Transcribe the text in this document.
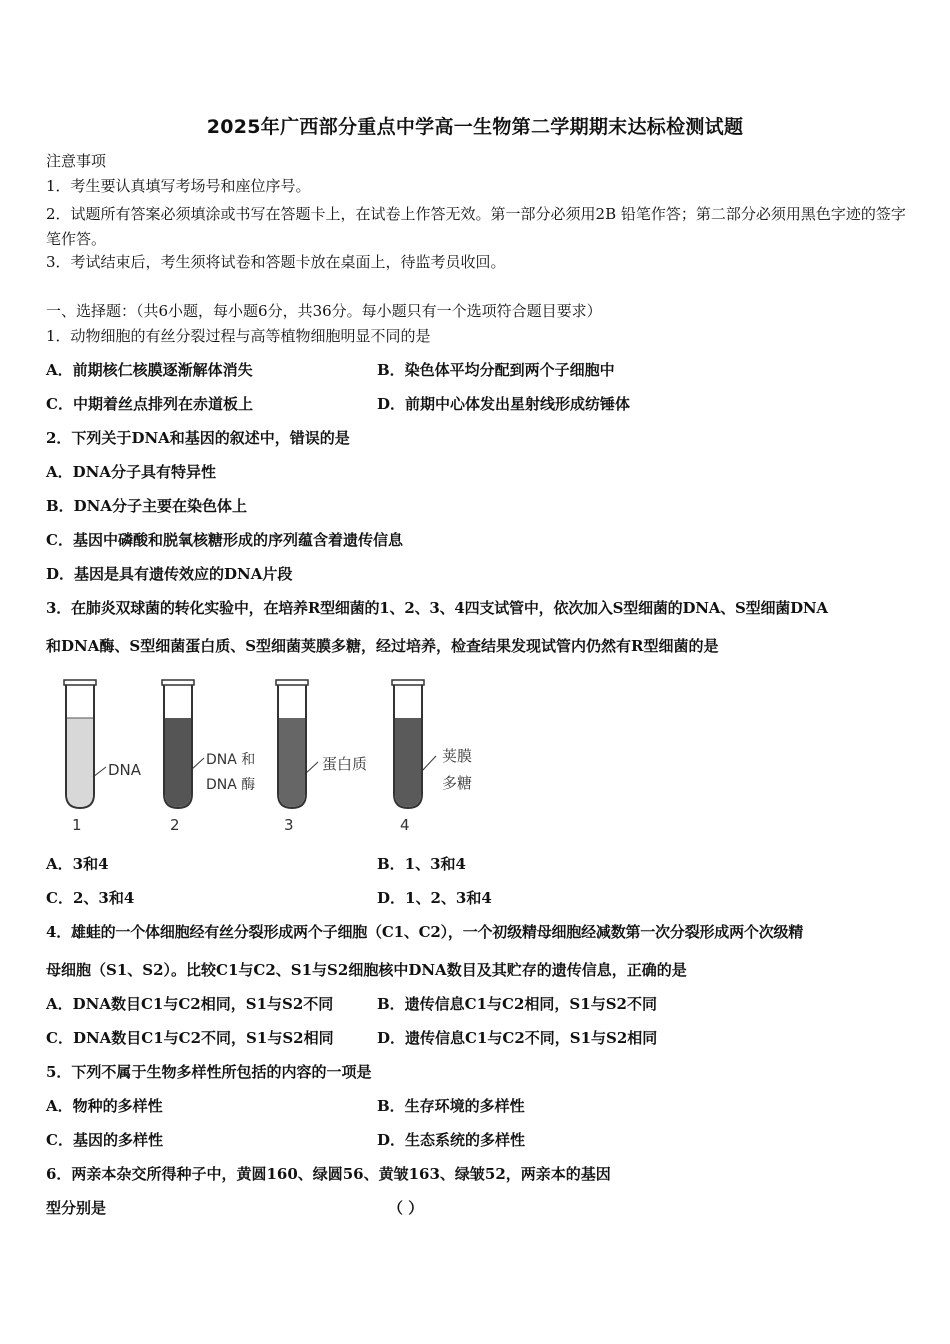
2025年广西部分重点中学高一生物第二学期期末达标检测试题
注意事项
1．考生要认真填写考场号和座位序号。
2．试题所有答案必须填涂或书写在答题卡上，在试卷上作答无效。第一部分必须用2B 铅笔作答；第二部分必须用黑色字迹的签字笔作答。
3．考试结束后，考生须将试卷和答题卡放在桌面上，待监考员收回。
一、选择题：（共6小题，每小题6分，共36分。每小题只有一个选项符合题目要求）
1．动物细胞的有丝分裂过程与高等植物细胞明显不同的是
A．前期核仁核膜逐渐解体消失	B．染色体平均分配到两个子细胞中
C．中期着丝点排列在赤道板上	D．前期中心体发出星射线形成纺锤体
2．下列关于DNA和基因的叙述中，错误的是
A．DNA分子具有特异性
B．DNA分子主要在染色体上
C．基因中磷酸和脱氧核糖形成的序列蕴含着遗传信息
D．基因是具有遗传效应的DNA片段
3．在肺炎双球菌的转化实验中，在培养R型细菌的1、2、3、4四支试管中，依次加入S型细菌的DNA、S型细菌DNA
和DNA酶、S型细菌蛋白质、S型细菌荚膜多糖，经过培养，检查结果发现试管内仍然有R型细菌的是
DNA
1
DNA 和
DNA 酶
2
蛋白质
3
荚膜
多糖
4
A．3和4	B．1、3和4
C．2、3和4	D．1、2、3和4
4．雄蛙的一个体细胞经有丝分裂形成两个子细胞（C1、C2），一个初级精母细胞经减数第一次分裂形成两个次级精
母细胞（S1、S2）。比较C1与C2、S1与S2细胞核中DNA数目及其贮存的遗传信息，正确的是
A．DNA数目C1与C2相同，S1与S2不同	B．遗传信息C1与C2相同，S1与S2不同
C．DNA数目C1与C2不同，S1与S2相同	D．遗传信息C1与C2不同，S1与S2相同
5．下列不属于生物多样性所包括的内容的一项是
A．物种的多样性	B．生存环境的多样性
C．基因的多样性	D．生态系统的多样性
6．两亲本杂交所得种子中，黄圆160、绿圆56、黄皱163、绿皱52，两亲本的基因
型分别是	（ ）
